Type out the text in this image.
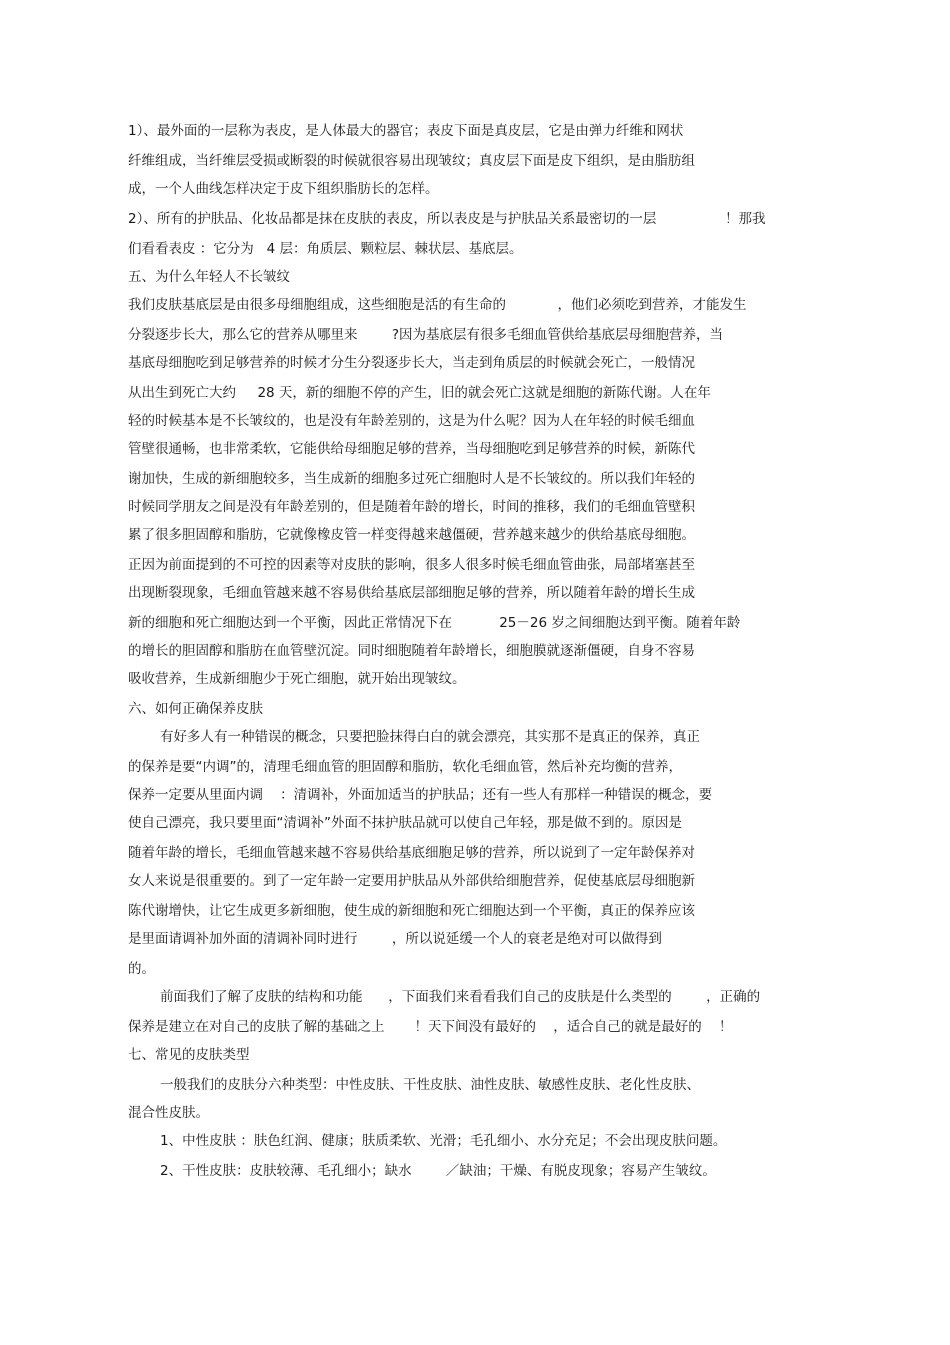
1）、最外面的一层称为表皮，是人体最大的器官；表皮下面是真皮层，它是由弹力纤维和网状
纤维组成，当纤维层受损或断裂的时候就很容易出现皱纹；真皮层下面是皮下组织，是由脂肪组
成，一个人曲线怎样决定于皮下组织脂肪长的怎样。
2）、所有的护肤品、化妆品都是抹在皮肤的表皮，所以表皮是与护肤品关系最密切的一层                ！那我
们看看表皮 ：它分为   4 层：角质层、颗粒层、棘状层、基底层。
五、为什么年轻人不长皱纹
我们皮肤基底层是由很多母细胞组成，这些细胞是活的有生命的            ，他们必须吃到营养，才能发生
分裂逐步长大，那么它的营养从哪里来        ?因为基底层有很多毛细血管供给基底层母细胞营养，当
基底母细胞吃到足够营养的时候才分生分裂逐步长大，当走到角质层的时候就会死亡，一般情况
从出生到死亡大约     28 天，新的细胞不停的产生，旧的就会死亡这就是细胞的新陈代谢。人在年
轻的时候基本是不长皱纹的，也是没有年龄差别的，这是为什么呢？因为人在年轻的时候毛细血
管壁很通畅，也非常柔软，它能供给母细胞足够的营养，当母细胞吃到足够营养的时候，新陈代
谢加快，生成的新细胞较多，当生成新的细胞多过死亡细胞时人是不长皱纹的。所以我们年轻的
时候同学朋友之间是没有年龄差别的，但是随着年龄的增长，时间的推移，我们的毛细血管壁积
累了很多胆固醇和脂肪，它就像橡皮管一样变得越来越僵硬，营养越来越少的供给基底母细胞。
正因为前面提到的不可控的因素等对皮肤的影响，很多人很多时候毛细血管曲张，局部堵塞甚至
出现断裂现象，毛细血管越来越不容易供给基底层部细胞足够的营养，所以随着年龄的增长生成
新的细胞和死亡细胞达到一个平衡，因此正常情况下在           25－26 岁之间细胞达到平衡。随着年龄
的增长的胆固醇和脂肪在血管壁沉淀。同时细胞随着年龄增长，细胞膜就逐渐僵硬，自身不容易
吸收营养，生成新细胞少于死亡细胞，就开始出现皱纹。
六、如何正确保养皮肤
有好多人有一种错误的概念，只要把脸抹得白白的就会漂亮，其实那不是真正的保养，真正
的保养是要“内调”的，清理毛细血管的胆固醇和脂肪，软化毛细血管，然后补充均衡的营养，
保养一定要从里面内调    ：清调补，外面加适当的护肤品；还有一些人有那样一种错误的概念，要
使自己漂亮，我只要里面“清调补”外面不抹护肤品就可以使自己年轻，那是做不到的。原因是
随着年龄的增长，毛细血管越来越不容易供给基底细胞足够的营养，所以说到了一定年龄保养对
女人来说是很重要的。到了一定年龄一定要用护肤品从外部供给细胞营养，促使基底层母细胞新
陈代谢增快，让它生成更多新细胞，使生成的新细胞和死亡细胞达到一个平衡，真正的保养应该
是里面请调补加外面的清调补同时进行        ，所以说延缓一个人的衰老是绝对可以做得到
的。
前面我们了解了皮肤的结构和功能      ，下面我们来看看我们自己的皮肤是什么类型的        ，正确的
保养是建立在对自己的皮肤了解的基础之上       ！天下间没有最好的    ，适合自己的就是最好的    ！
七、常见的皮肤类型
一般我们的皮肤分六种类型：中性皮肤、干性皮肤、油性皮肤、敏感性皮肤、老化性皮肤、
混合性皮肤。
1、中性皮肤 ：肤色红润、健康；肤质柔软、光滑；毛孔细小、水分充足；不会出现皮肤问题。
2、干性皮肤：皮肤较薄、毛孔细小；缺水        ／缺油；干燥、有脱皮现象；容易产生皱纹。
